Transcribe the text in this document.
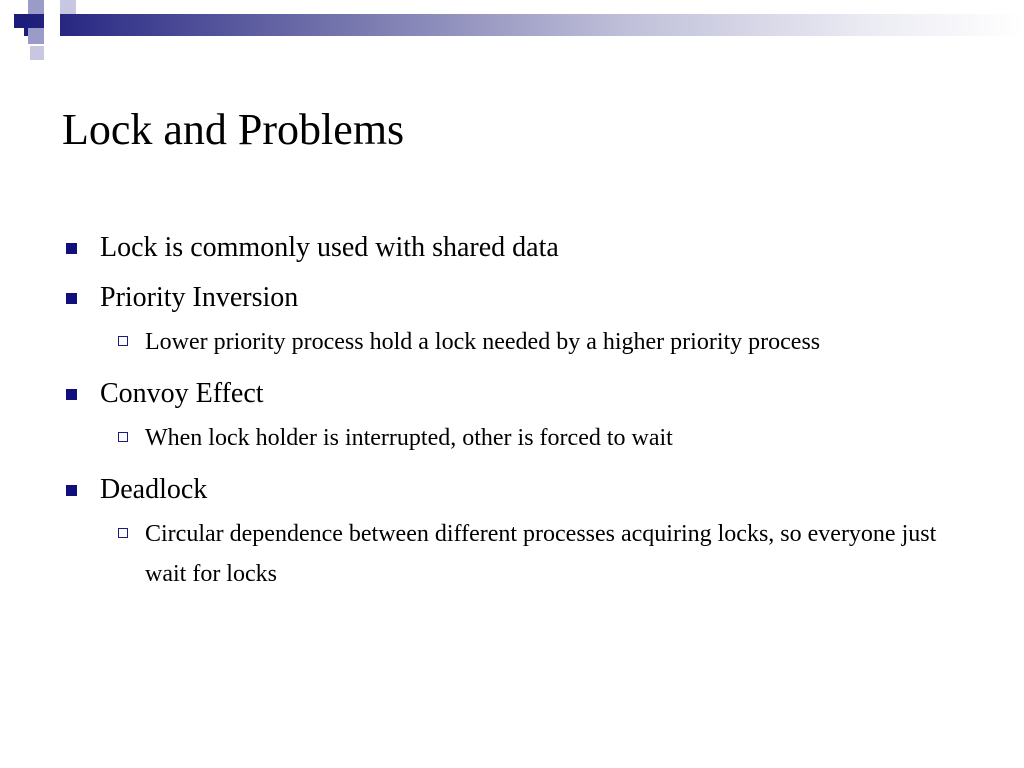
Lock and Problems
Lock is commonly used with shared data
Priority Inversion
Lower priority process hold a lock needed by a higher priority process
Convoy Effect
When lock holder is interrupted, other is forced to wait
Deadlock
Circular dependence between different processes acquiring locks, so everyone just wait for locks
